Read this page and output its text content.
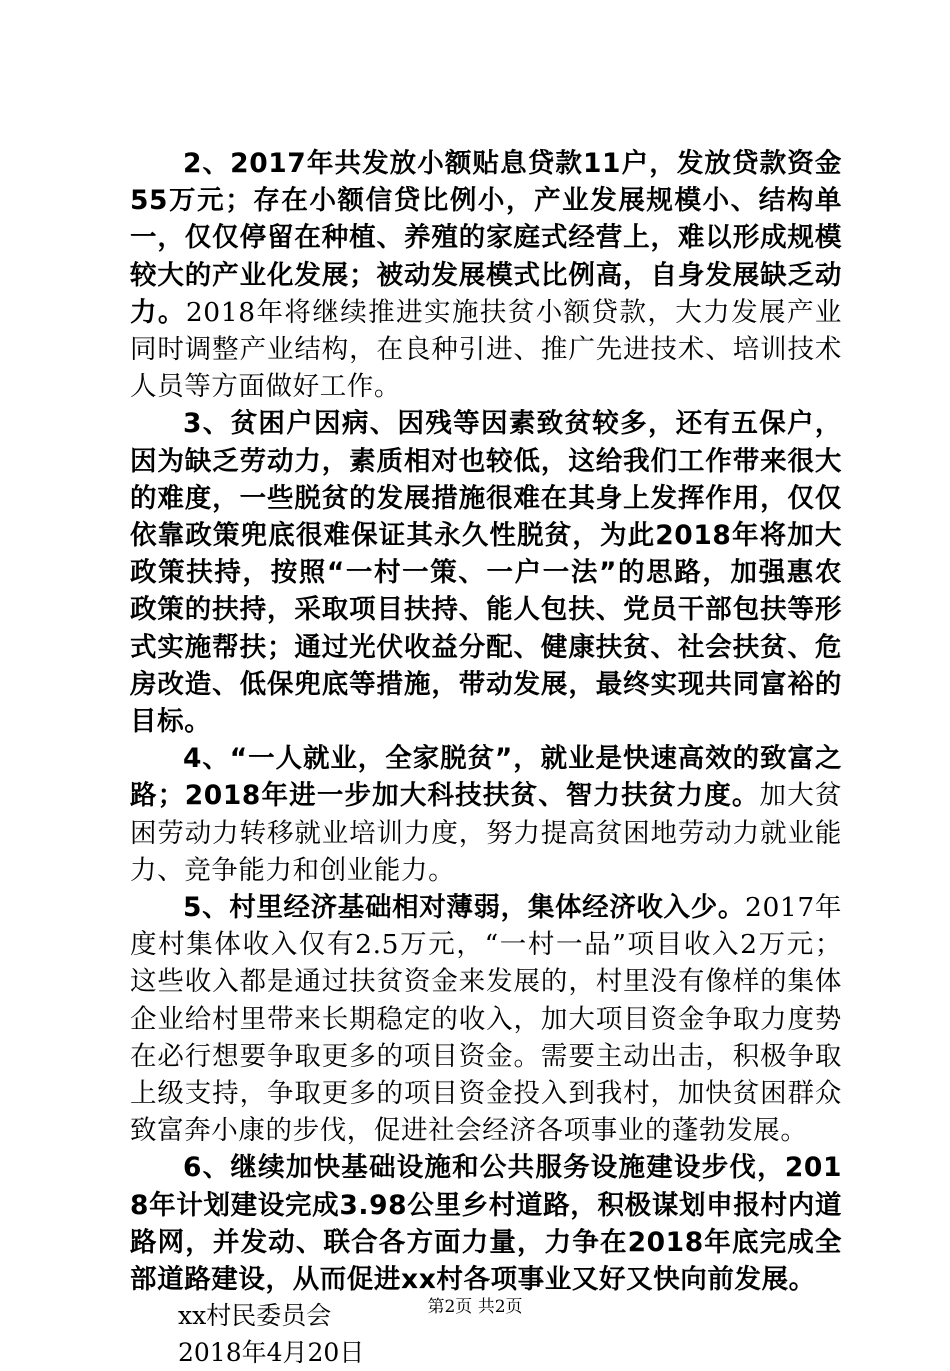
2、2017年共发放小额贴息贷款11户，发放贷款资金55万元；存在小额信贷比例小，产业发展规模小、结构单一，仅仅停留在种植、养殖的家庭式经营上，难以形成规模较大的产业化发展；被动发展模式比例高，自身发展缺乏动力。2018年将继续推进实施扶贫小额贷款，大力发展产业同时调整产业结构，在良种引进、推广先进技术、培训技术人员等方面做好工作。

3、贫困户因病、因残等因素致贫较多，还有五保户，因为缺乏劳动力，素质相对也较低，这给我们工作带来很大的难度，一些脱贫的发展措施很难在其身上发挥作用，仅仅依靠政策兜底很难保证其永久性脱贫，为此2018年将加大政策扶持，按照“一村一策、一户一法”的思路，加强惠农政策的扶持，采取项目扶持、能人包扶、党员干部包扶等形式实施帮扶；通过光伏收益分配、健康扶贫、社会扶贫、危房改造、低保兜底等措施，带动发展，最终实现共同富裕的目标。

4、“一人就业，全家脱贫”，就业是快速高效的致富之路；2018年进一步加大科技扶贫、智力扶贫力度。加大贫困劳动力转移就业培训力度，努力提高贫困地劳动力就业能力、竞争能力和创业能力。

5、村里经济基础相对薄弱，集体经济收入少。2017年度村集体收入仅有2.5万元，“一村一品”项目收入2万元；这些收入都是通过扶贫资金来发展的，村里没有像样的集体企业给村里带来长期稳定的收入，加大项目资金争取力度势在必行想要争取更多的项目资金。需要主动出击，积极争取上级支持，争取更多的项目资金投入到我村，加快贫困群众致富奔小康的步伐，促进社会经济各项事业的蓬勃发展。

6、继续加快基础设施和公共服务设施建设步伐，2018年计划建设完成3.98公里乡村道路，积极谋划申报村内道路网，并发动、联合各方面力量，力争在2018年底完成全部道路建设，从而促进xx村各项事业又好又快向前发展。

xx村民委员会

2018年4月20日

第2页 共2页
